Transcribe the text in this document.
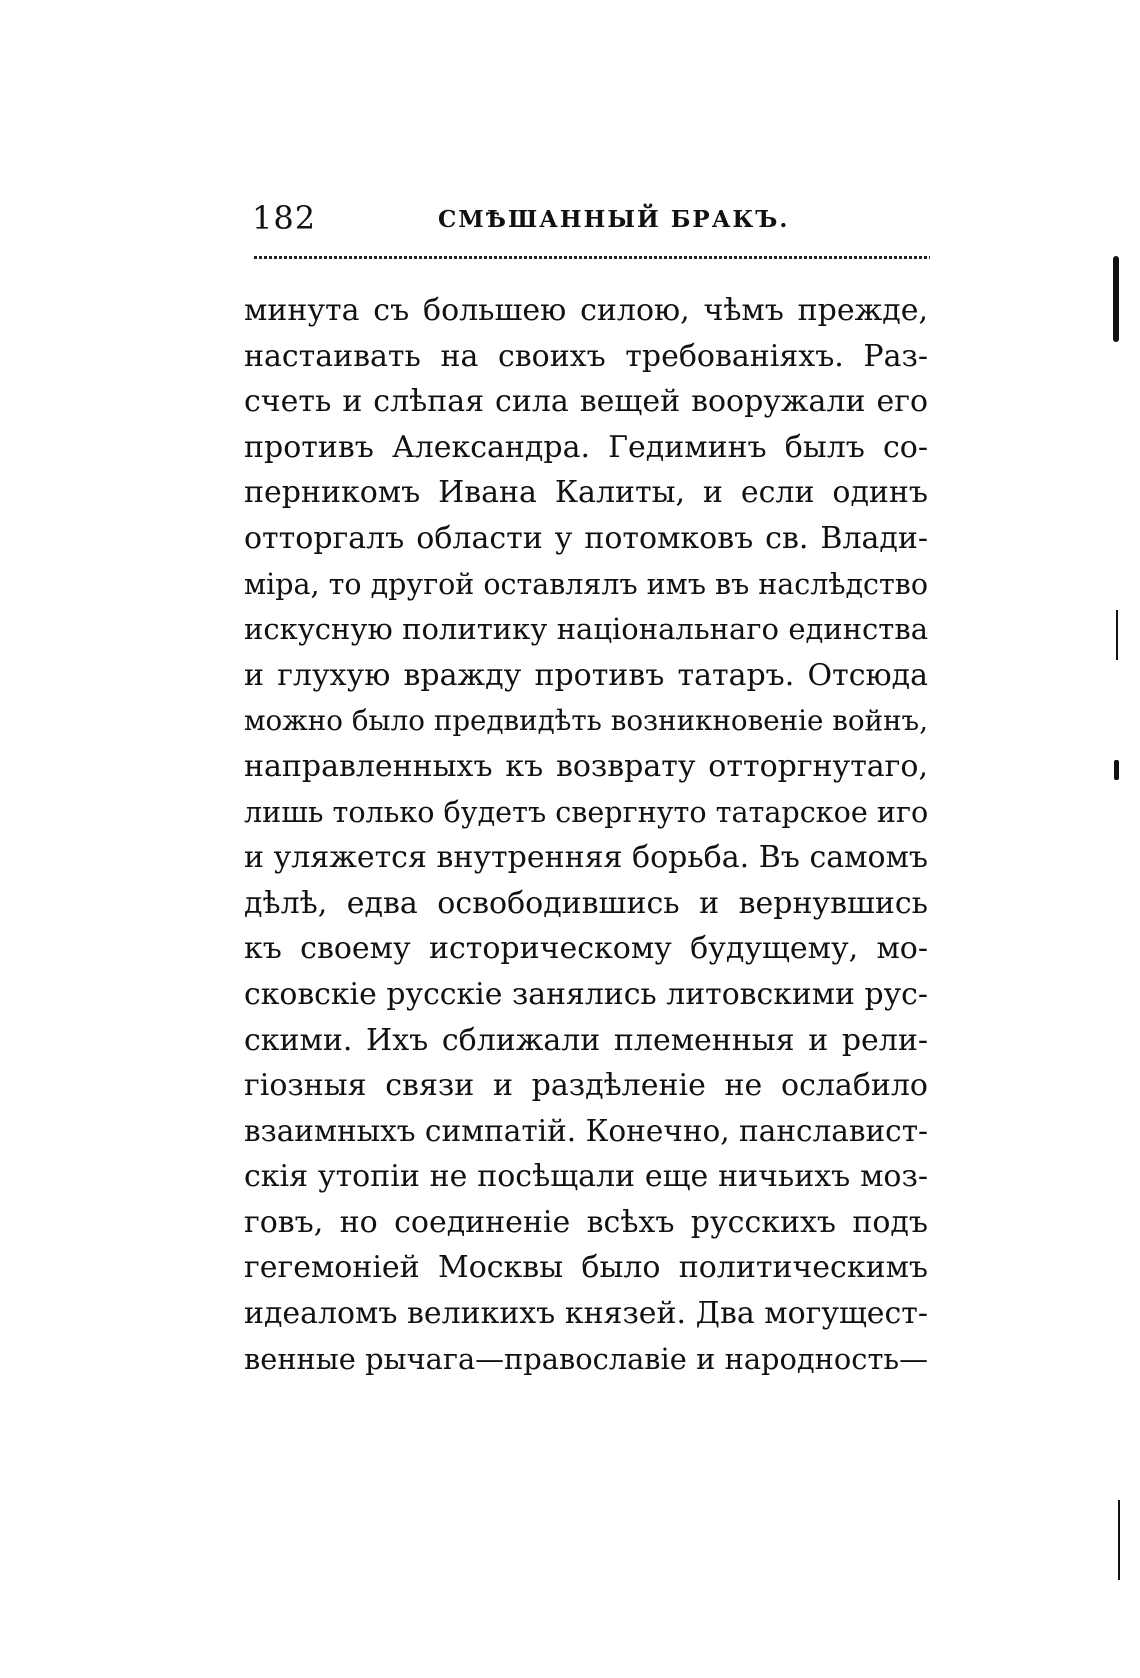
182	СМѢШАННЫЙ БРАКЪ.
минута съ большею силою, чѣмъ прежде,
настаивать на своихъ требованіяхъ. Раз-
счеть и слѣпая сила вещей вооружали его
противъ Александра. Гедиминъ былъ со-
перникомъ Ивана Калиты, и если одинъ
отторгалъ области у потомковъ св. Влади-
міра, то другой оставлялъ имъ въ наслѣдство
искусную политику національнаго единства
и глухую вражду противъ татаръ. Отсюда
можно было предвидѣть возникновеніе войнъ,
направленныхъ къ возврату отторгнутаго,
лишь только будетъ свергнуто татарское иго
и уляжется внутренняя борьба. Въ самомъ
дѣлѣ, едва освободившись и вернувшись
къ своему историческому будущему, мо-
сковскіе русскіе занялись литовскими рус-
скими. Ихъ сближали племенныя и рели-
гіозныя связи и раздѣленіе не ослабило
взаимныхъ симпатій. Конечно, панславист-
скія утопіи не посѣщали еще ничьихъ моз-
говъ, но соединеніе всѣхъ русскихъ подъ
гегемоніей Москвы было политическимъ
идеаломъ великихъ князей. Два могущест-
венные рычага—православіе и народность—
